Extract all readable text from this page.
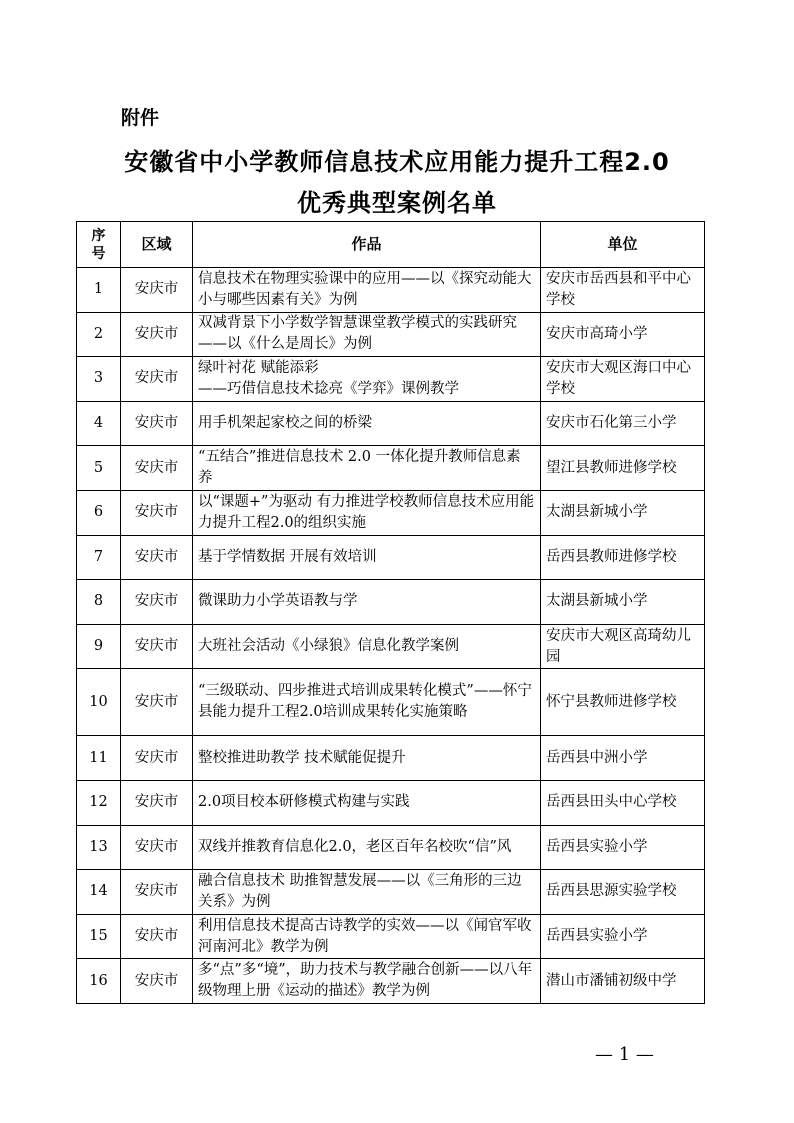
附件
安徽省中小学教师信息技术应用能力提升工程2.0
优秀典型案例名单
序号	区域	作品	单位
1	安庆市	信息技术在物理实验课中的应用——以《探究动能大小与哪些因素有关》为例	安庆市岳西县和平中心学校
2	安庆市	双减背景下小学数学智慧课堂教学模式的实践研究——以《什么是周长》为例	安庆市高琦小学
3	安庆市	绿叶衬花 赋能添彩
——巧借信息技术捻亮《学弈》课例教学	安庆市大观区海口中心学校
4	安庆市	用手机架起家校之间的桥梁	安庆市石化第三小学
5	安庆市	“五结合”推进信息技术 2.0 一体化提升教师信息素养	望江县教师进修学校
6	安庆市	以“课题+”为驱动 有力推进学校教师信息技术应用能力提升工程2.0的组织实施	太湖县新城小学
7	安庆市	基于学情数据 开展有效培训	岳西县教师进修学校
8	安庆市	微课助力小学英语教与学	太湖县新城小学
9	安庆市	大班社会活动《小绿狼》信息化教学案例	安庆市大观区高琦幼儿园
10	安庆市	“三级联动、四步推进式培训成果转化模式”——怀宁县能力提升工程2.0培训成果转化实施策略	怀宁县教师进修学校
11	安庆市	整校推进助教学 技术赋能促提升	岳西县中洲小学
12	安庆市	2.0项目校本研修模式构建与实践	岳西县田头中心学校
13	安庆市	双线并推教育信息化2.0，老区百年名校吹“信”风	岳西县实验小学
14	安庆市	融合信息技术 助推智慧发展——以《三角形的三边关系》为例	岳西县思源实验学校
15	安庆市	利用信息技术提高古诗教学的实效——以《闻官军收河南河北》教学为例	岳西县实验小学
16	安庆市	多“点”多“境”，助力技术与教学融合创新——以八年级物理上册《运动的描述》教学为例	潜山市潘铺初级中学
— 1 —
